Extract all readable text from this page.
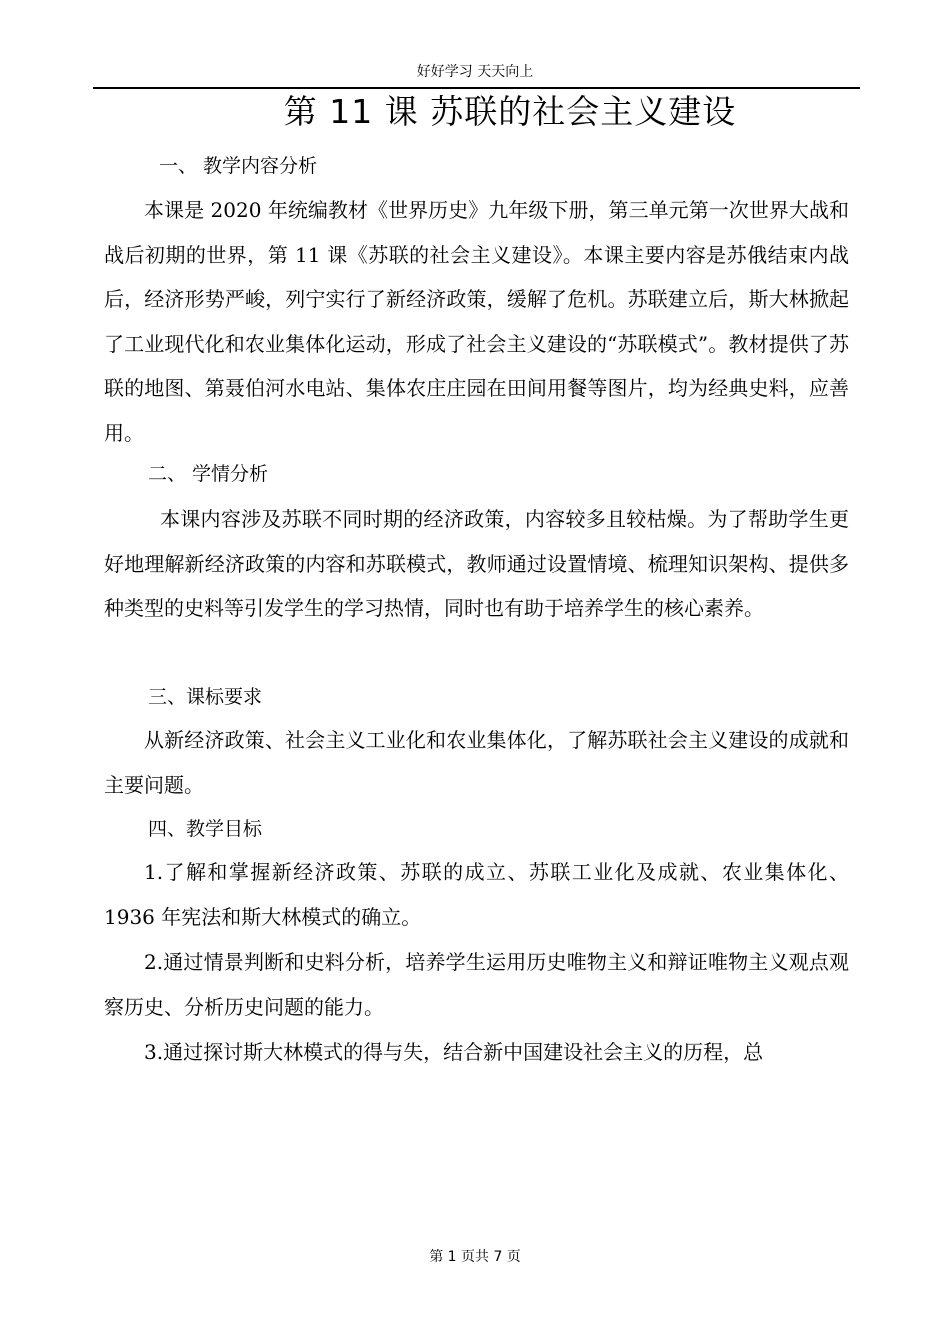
好好学习 天天向上
第 11 课 苏联的社会主义建设
一、 教学内容分析
本课是 2020 年统编教材《世界历史》九年级下册，第三单元第一次世界大战和战后初期的世界，第 11 课《苏联的社会主义建设》。本课主要内容是苏俄结束内战后，经济形势严峻，列宁实行了新经济政策，缓解了危机。苏联建立后，斯大林掀起了工业现代化和农业集体化运动，形成了社会主义建设的“苏联模式”。教材提供了苏联的地图、第聂伯河水电站、集体农庄庄园在田间用餐等图片，均为经典史料，应善用。
二、 学情分析
本课内容涉及苏联不同时期的经济政策，内容较多且较枯燥。为了帮助学生更好地理解新经济政策的内容和苏联模式，教师通过设置情境、梳理知识架构、提供多种类型的史料等引发学生的学习热情，同时也有助于培养学生的核心素养。
三、课标要求
从新经济政策、社会主义工业化和农业集体化，了解苏联社会主义建设的成就和主要问题。
四、教学目标
1.了解和掌握新经济政策、苏联的成立、苏联工业化及成就、农业集体化、1936 年宪法和斯大林模式的确立。
2.通过情景判断和史料分析，培养学生运用历史唯物主义和辩证唯物主义观点观察历史、分析历史问题的能力。
3.通过探讨斯大林模式的得与失，结合新中国建设社会主义的历程，总
第 1 页共 7 页
